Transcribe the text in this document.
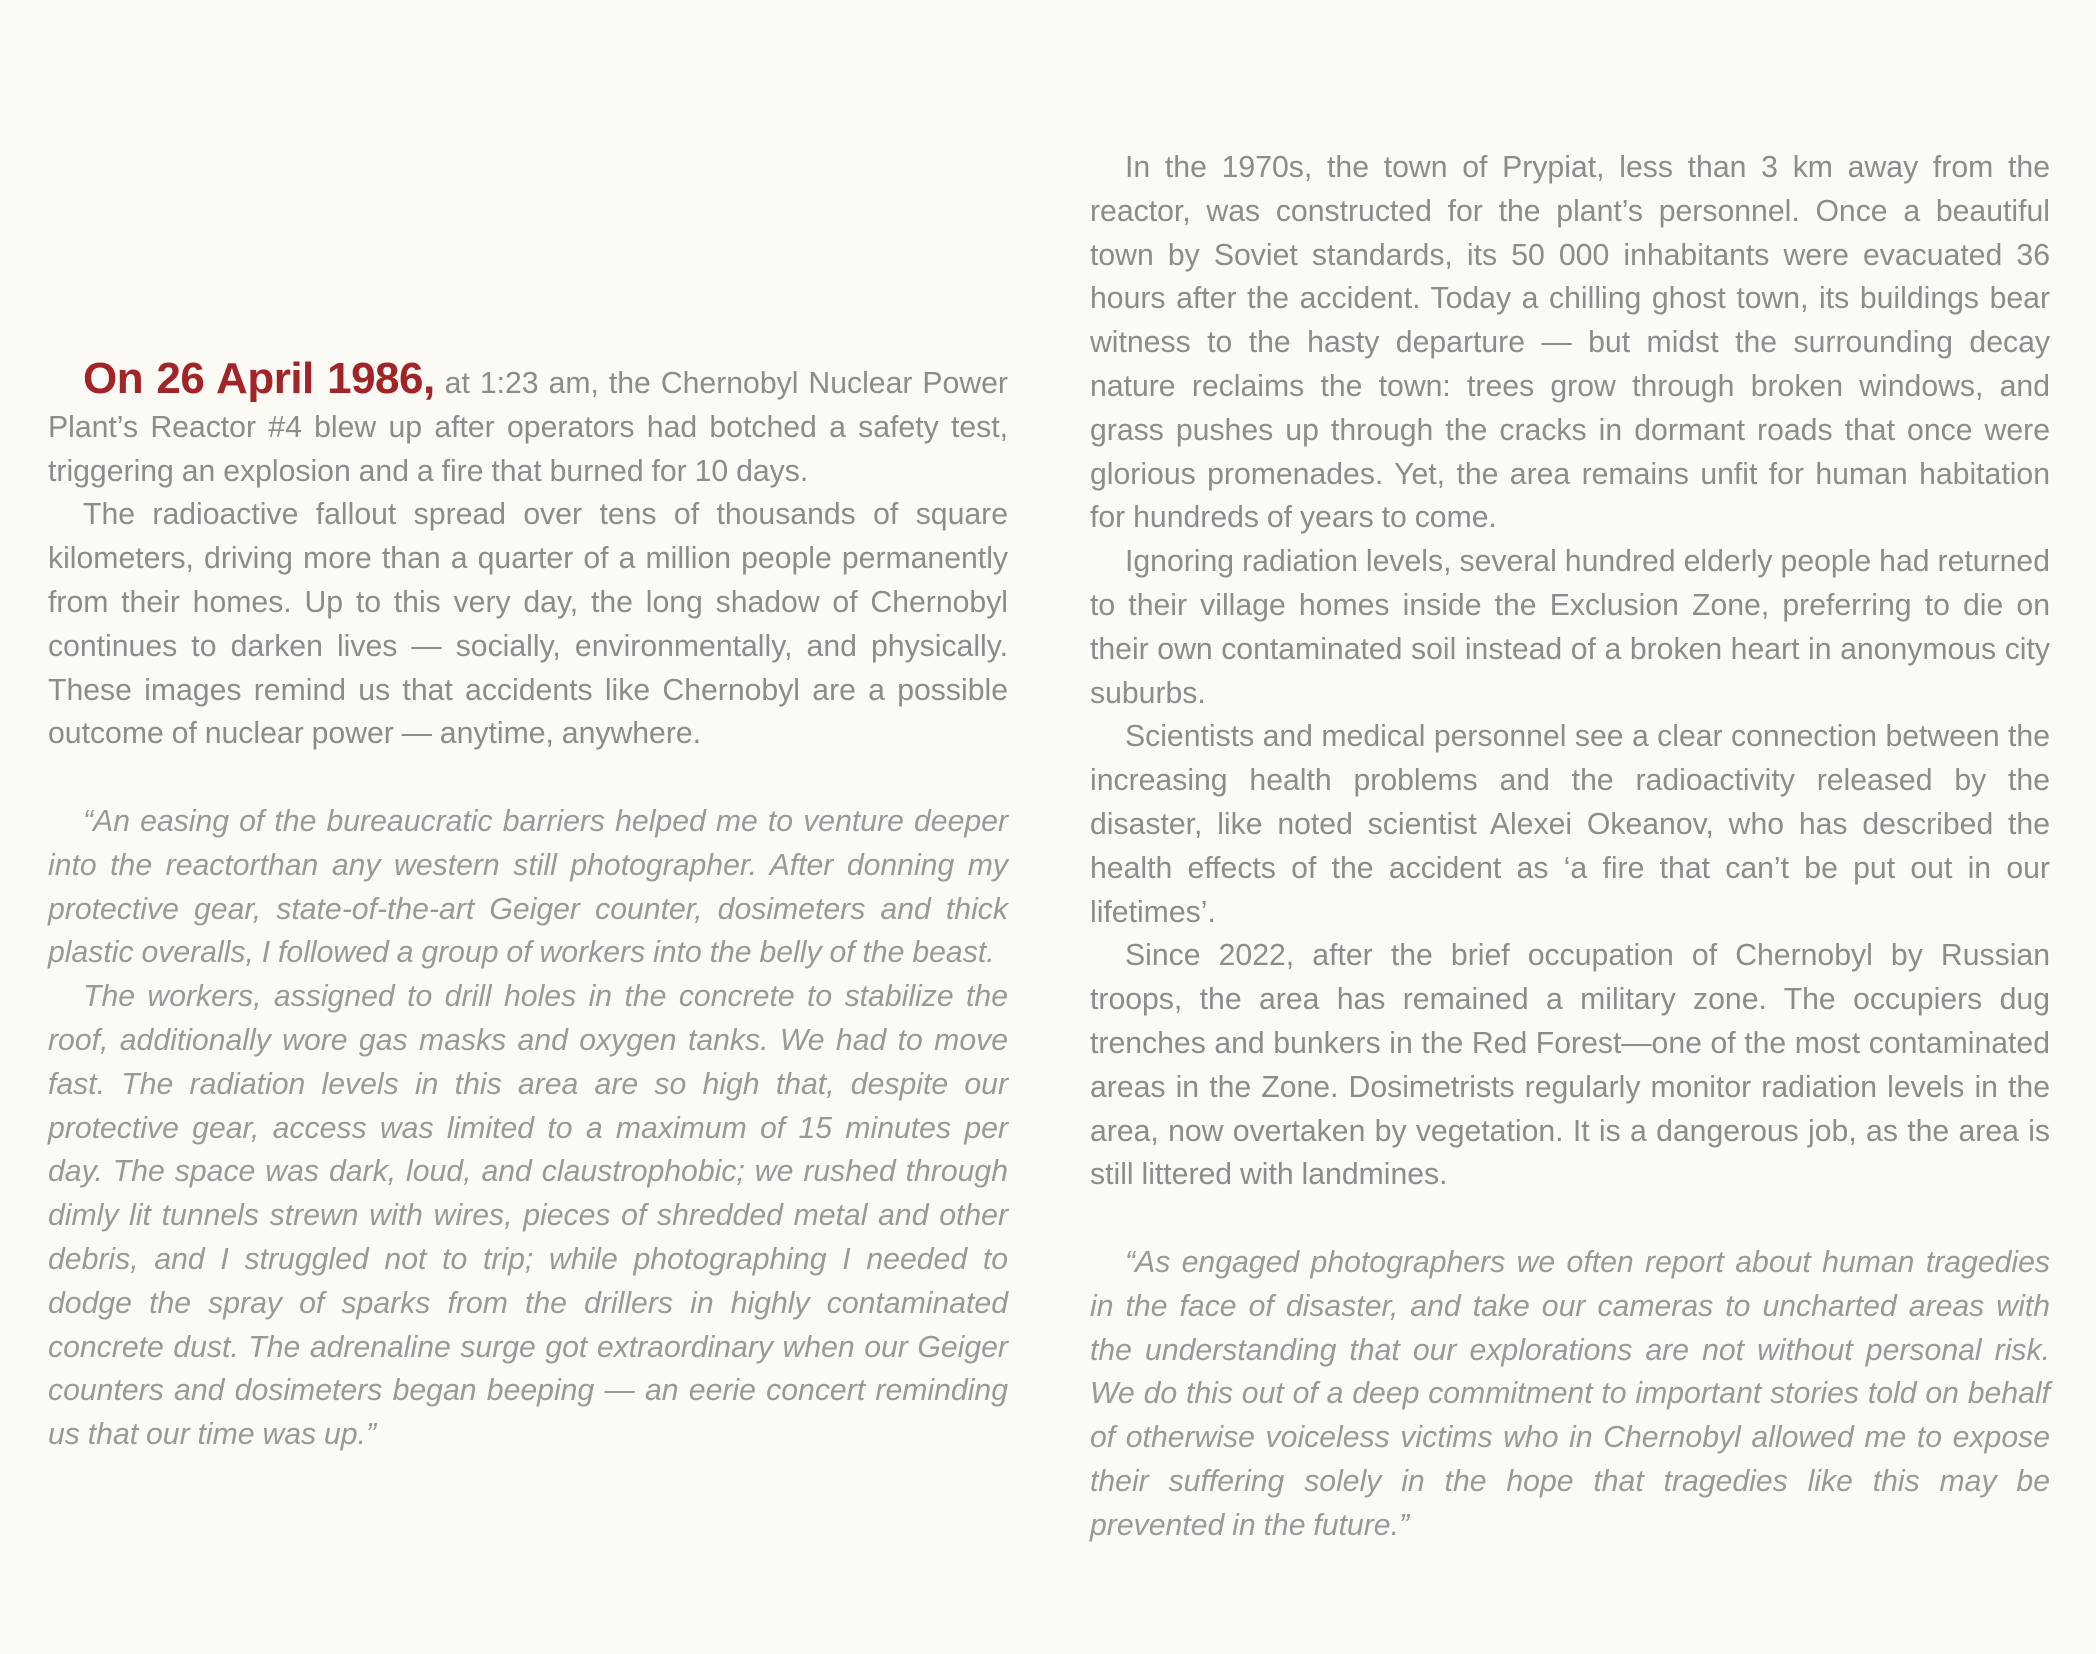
On 26 April 1986, at 1:23 am, the Chernobyl Nuclear Power Plant’s Reactor #4 blew up after operators had botched a safety test, triggering an explosion and a fire that burned for 10 days.

The radioactive fallout spread over tens of thousands of square kilometers, driving more than a quarter of a million people permanently from their homes. Up to this very day, the long shadow of Chernobyl continues to darken lives — socially, environmentally, and physically. These images remind us that accidents like Chernobyl are a possible outcome of nuclear power — anytime, anywhere.

“An easing of the bureaucratic barriers helped me to venture deeper into the reactorthan any western still photographer. After donning my protective gear, state-of-the-art Geiger counter, dosimeters and thick plastic overalls, I followed a group of workers into the belly of the beast.

The workers, assigned to drill holes in the concrete to stabilize the roof, additionally wore gas masks and oxygen tanks. We had to move fast. The radiation levels in this area are so high that, despite our protective gear, access was limited to a maximum of 15 minutes per day. The space was dark, loud, and claustrophobic; we rushed through dimly lit tunnels strewn with wires, pieces of shredded metal and other debris, and I struggled not to trip; while photographing I needed to dodge the spray of sparks from the drillers in highly contaminated concrete dust. The adrenaline surge got extraordinary when our Geiger counters and dosimeters began beeping — an eerie concert reminding us that our time was up.”

In the 1970s, the town of Prypiat, less than 3 km away from the reactor, was constructed for the plant’s personnel. Once a beautiful town by Soviet standards, its 50 000 inhabitants were evacuated 36 hours after the accident. Today a chilling ghost town, its buildings bear witness to the hasty departure — but midst the surrounding decay nature reclaims the town: trees grow through broken windows, and grass pushes up through the cracks in dormant roads that once were glorious promenades. Yet, the area remains unfit for human habitation for hundreds of years to come.

Ignoring radiation levels, several hundred elderly people had returned to their village homes inside the Exclusion Zone, preferring to die on their own contaminated soil instead of a broken heart in anonymous city suburbs.

Scientists and medical personnel see a clear connection between the increasing health problems and the radioactivity released by the disaster, like noted scientist Alexei Okeanov, who has described the health effects of the accident as ‘a fire that can’t be put out in our lifetimes’.

Since 2022, after the brief occupation of Chernobyl by Russian troops, the area has remained a military zone. The occupiers dug trenches and bunkers in the Red Forest—one of the most contaminated areas in the Zone. Dosimetrists regularly monitor radiation levels in the area, now overtaken by vegetation. It is a dangerous job, as the area is still littered with landmines.

“As engaged photographers we often report about human tragedies in the face of disaster, and take our cameras to uncharted areas with the understanding that our explorations are not without personal risk. We do this out of a deep commitment to important stories told on behalf of otherwise voiceless victims who in Chernobyl allowed me to expose their suffering solely in the hope that tragedies like this may be prevented in the future.”
